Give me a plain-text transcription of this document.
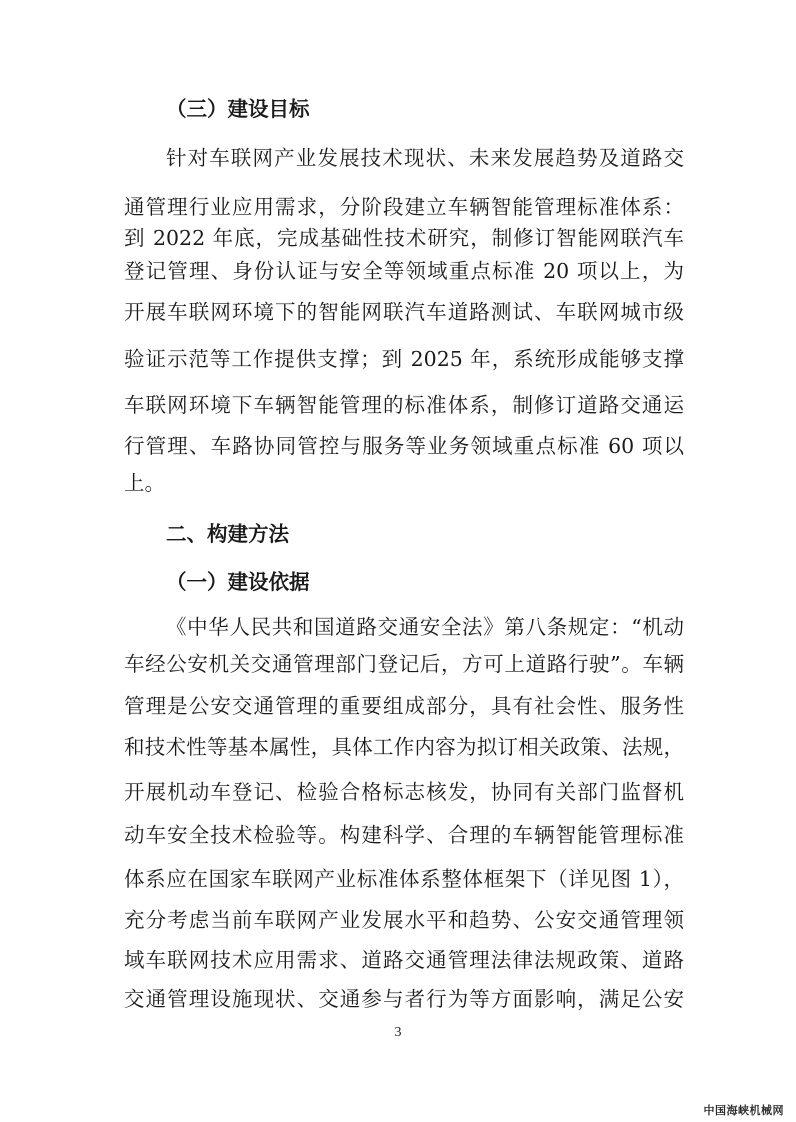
（三）建设目标
针对车联网产业发展技术现状、未来发展趋势及道路交
通管理行业应用需求，分阶段建立车辆智能管理标准体系：
到 2022 年底，完成基础性技术研究，制修订智能网联汽车
登记管理、身份认证与安全等领域重点标准 20 项以上，为
开展车联网环境下的智能网联汽车道路测试、车联网城市级
验证示范等工作提供支撑；到 2025 年，系统形成能够支撑
车联网环境下车辆智能管理的标准体系，制修订道路交通运
行管理、车路协同管控与服务等业务领域重点标准 60 项以
上。
二、构建方法
（一）建设依据
《中华人民共和国道路交通安全法》第八条规定：“机动
车经公安机关交通管理部门登记后，方可上道路行驶”。车辆
管理是公安交通管理的重要组成部分，具有社会性、服务性
和技术性等基本属性，具体工作内容为拟订相关政策、法规，
开展机动车登记、检验合格标志核发，协同有关部门监督机
动车安全技术检验等。构建科学、合理的车辆智能管理标准
体系应在国家车联网产业标准体系整体框架下（详见图 1），
充分考虑当前车联网产业发展水平和趋势、公安交通管理领
域车联网技术应用需求、道路交通管理法律法规政策、道路
交通管理设施现状、交通参与者行为等方面影响，满足公安
3
中国海峡机械网
